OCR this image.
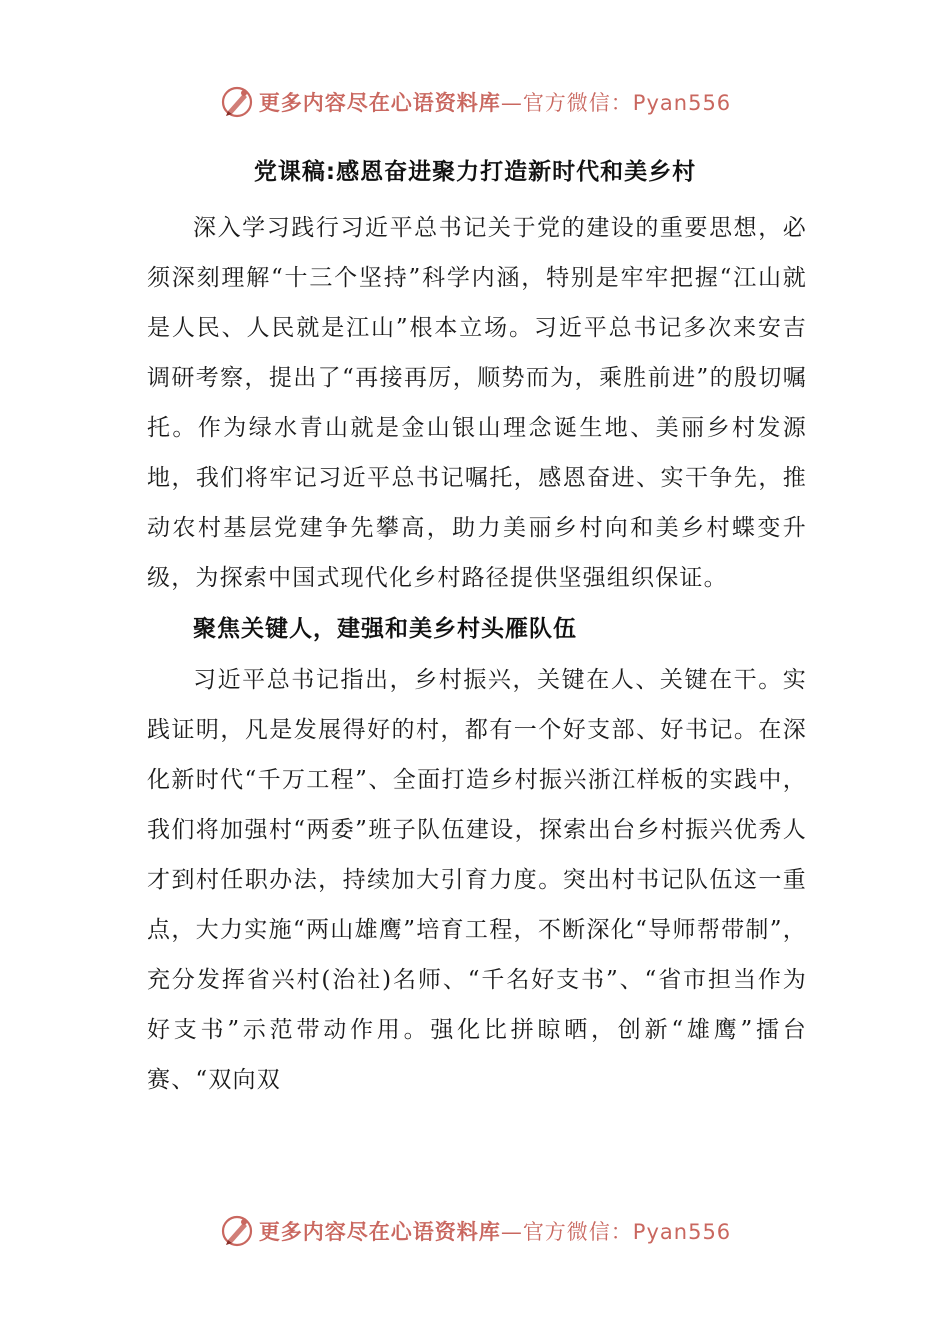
更多内容尽在心语资料库—官方微信：Pyan556
党课稿:感恩奋进聚力打造新时代和美乡村

深入学习践行习近平总书记关于党的建设的重要思想，必须深刻理解“十三个坚持”科学内涵，特别是牢牢把握“江山就是人民、人民就是江山”根本立场。习近平总书记多次来安吉调研考察，提出了“再接再厉，顺势而为，乘胜前进”的殷切嘱托。作为绿水青山就是金山银山理念诞生地、美丽乡村发源地，我们将牢记习近平总书记嘱托，感恩奋进、实干争先，推动农村基层党建争先攀高，助力美丽乡村向和美乡村蝶变升级，为探索中国式现代化乡村路径提供坚强组织保证。

聚焦关键人，建强和美乡村头雁队伍

习近平总书记指出，乡村振兴，关键在人、关键在干。实践证明，凡是发展得好的村，都有一个好支部、好书记。在深化新时代“千万工程”、全面打造乡村振兴浙江样板的实践中，我们将加强村“两委”班子队伍建设，探索出台乡村振兴优秀人才到村任职办法，持续加大引育力度。突出村书记队伍这一重点，大力实施“两山雄鹰”培育工程，不断深化“导师帮带制”，充分发挥省兴村(治社)名师、“千名好支书”、“省市担当作为好支书”示范带动作用。强化比拼晾晒，创新“雄鹰”擂台赛、“双向双

更多内容尽在心语资料库—官方微信：Pyan556
